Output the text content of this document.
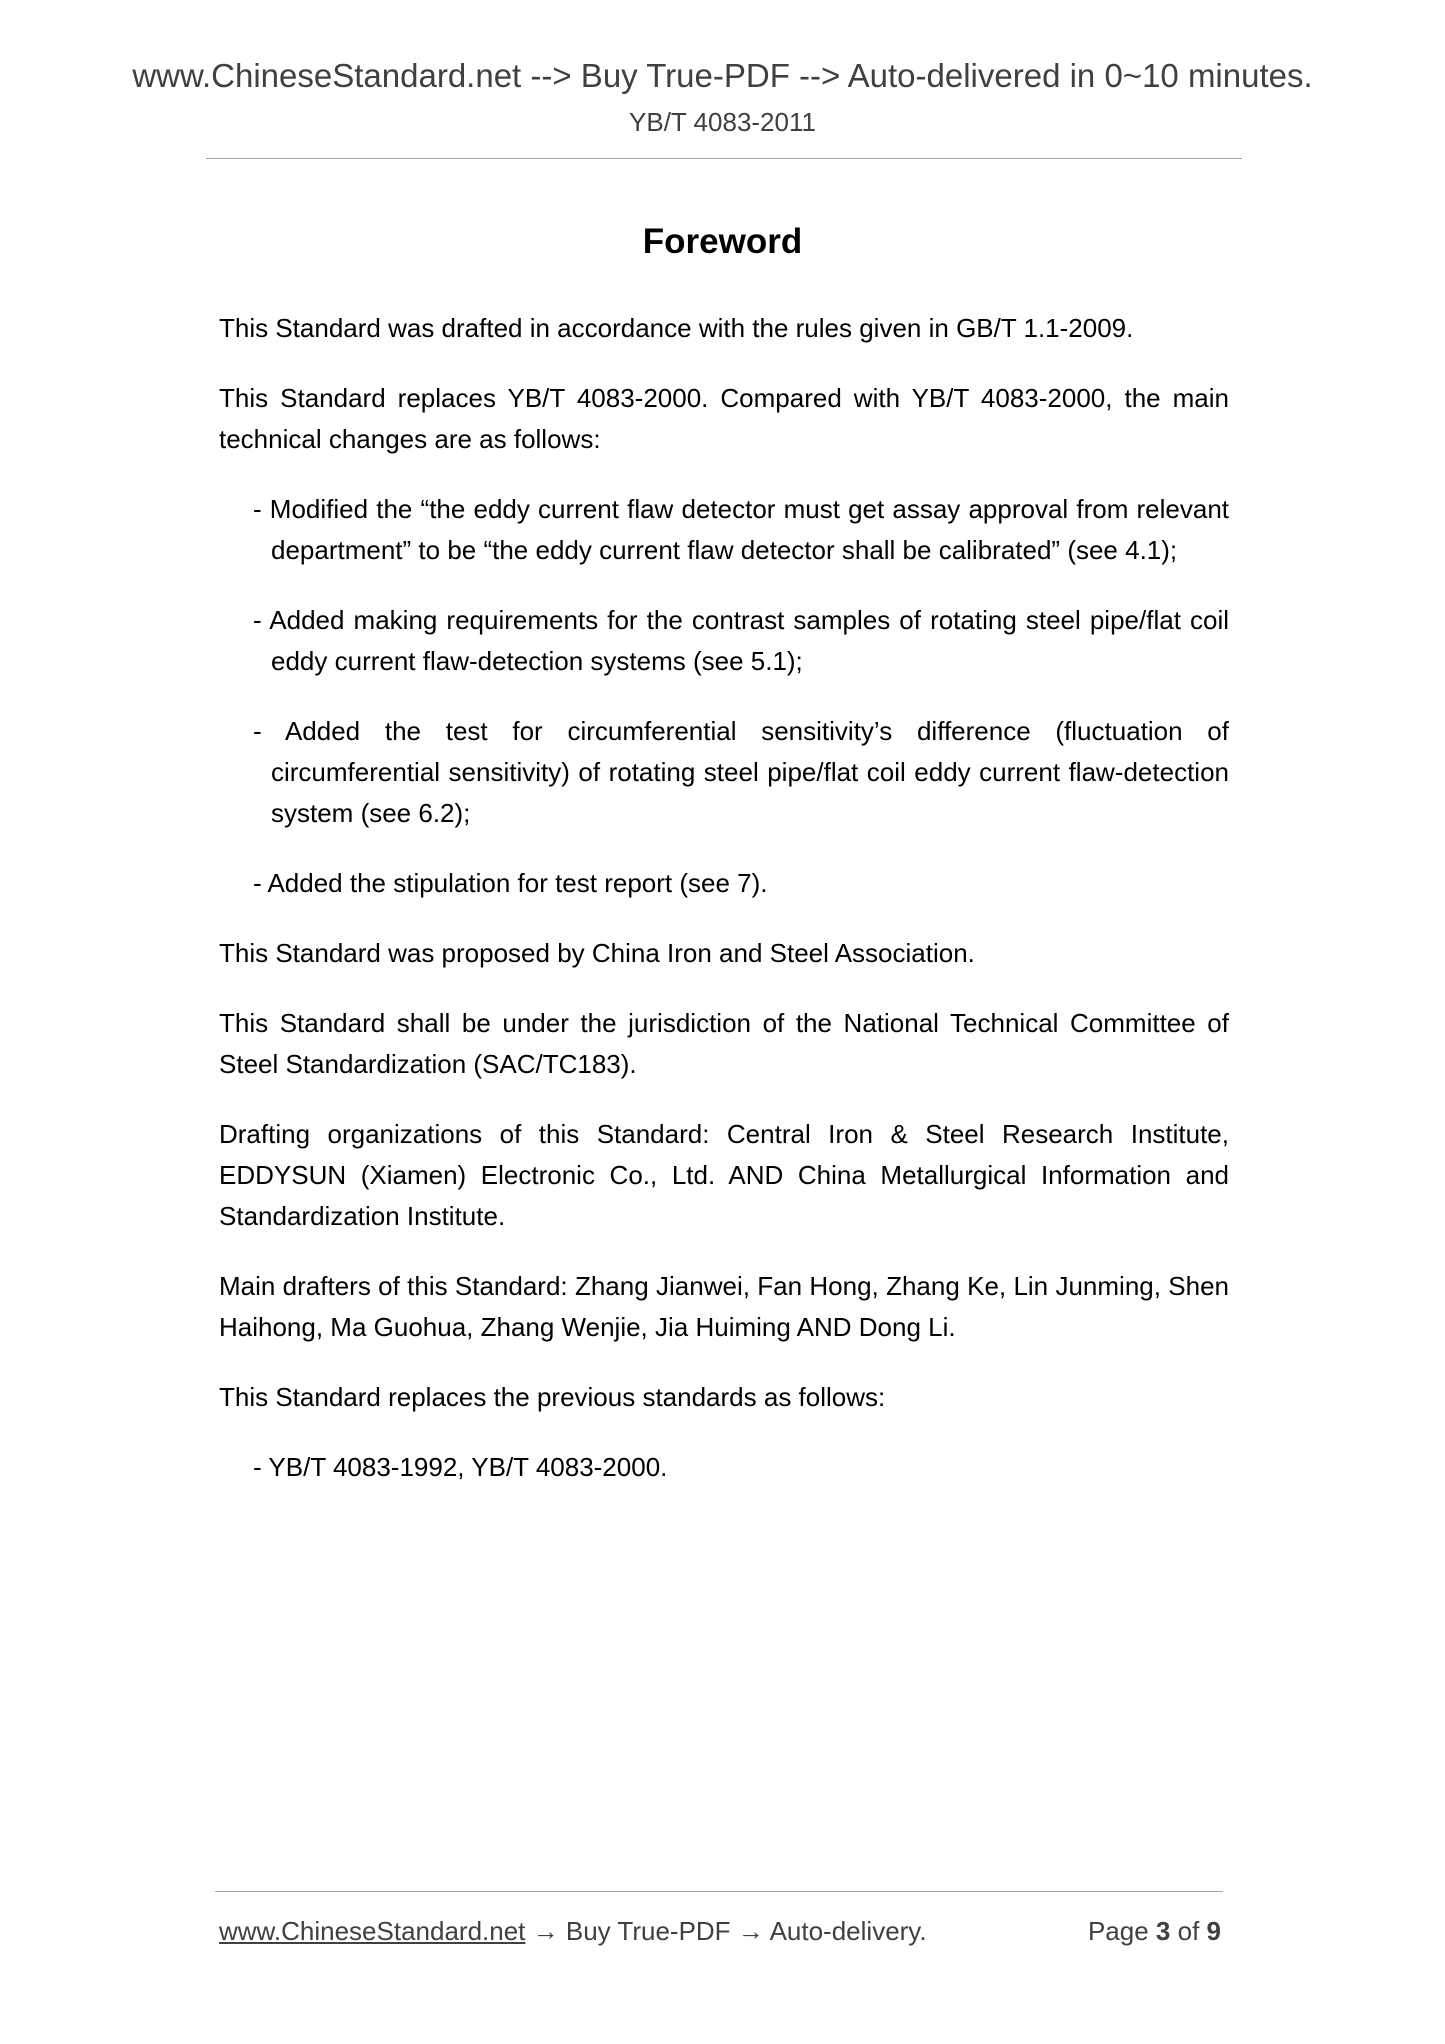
www.ChineseStandard.net --> Buy True-PDF --> Auto-delivered in 0~10 minutes.
YB/T 4083-2011
Foreword

This Standard was drafted in accordance with the rules given in GB/T 1.1-2009.

This Standard replaces YB/T 4083-2000. Compared with YB/T 4083-2000, the main technical changes are as follows:

- Modified the “the eddy current flaw detector must get assay approval from relevant department” to be “the eddy current flaw detector shall be calibrated” (see 4.1);

- Added making requirements for the contrast samples of rotating steel pipe/flat coil eddy current flaw-detection systems (see 5.1);

- Added the test for circumferential sensitivity’s difference (fluctuation of circumferential sensitivity) of rotating steel pipe/flat coil eddy current flaw-detection system (see 6.2);

- Added the stipulation for test report (see 7).

This Standard was proposed by China Iron and Steel Association.

This Standard shall be under the jurisdiction of the National Technical Committee of Steel Standardization (SAC/TC183).

Drafting organizations of this Standard: Central Iron & Steel Research Institute, EDDYSUN (Xiamen) Electronic Co., Ltd. AND China Metallurgical Information and Standardization Institute.

Main drafters of this Standard: Zhang Jianwei, Fan Hong, Zhang Ke, Lin Junming, Shen Haihong, Ma Guohua, Zhang Wenjie, Jia Huiming AND Dong Li.

This Standard replaces the previous standards as follows:

- YB/T 4083-1992, YB/T 4083-2000.

www.ChineseStandard.net → Buy True-PDF → Auto-delivery.	Page 3 of 9
